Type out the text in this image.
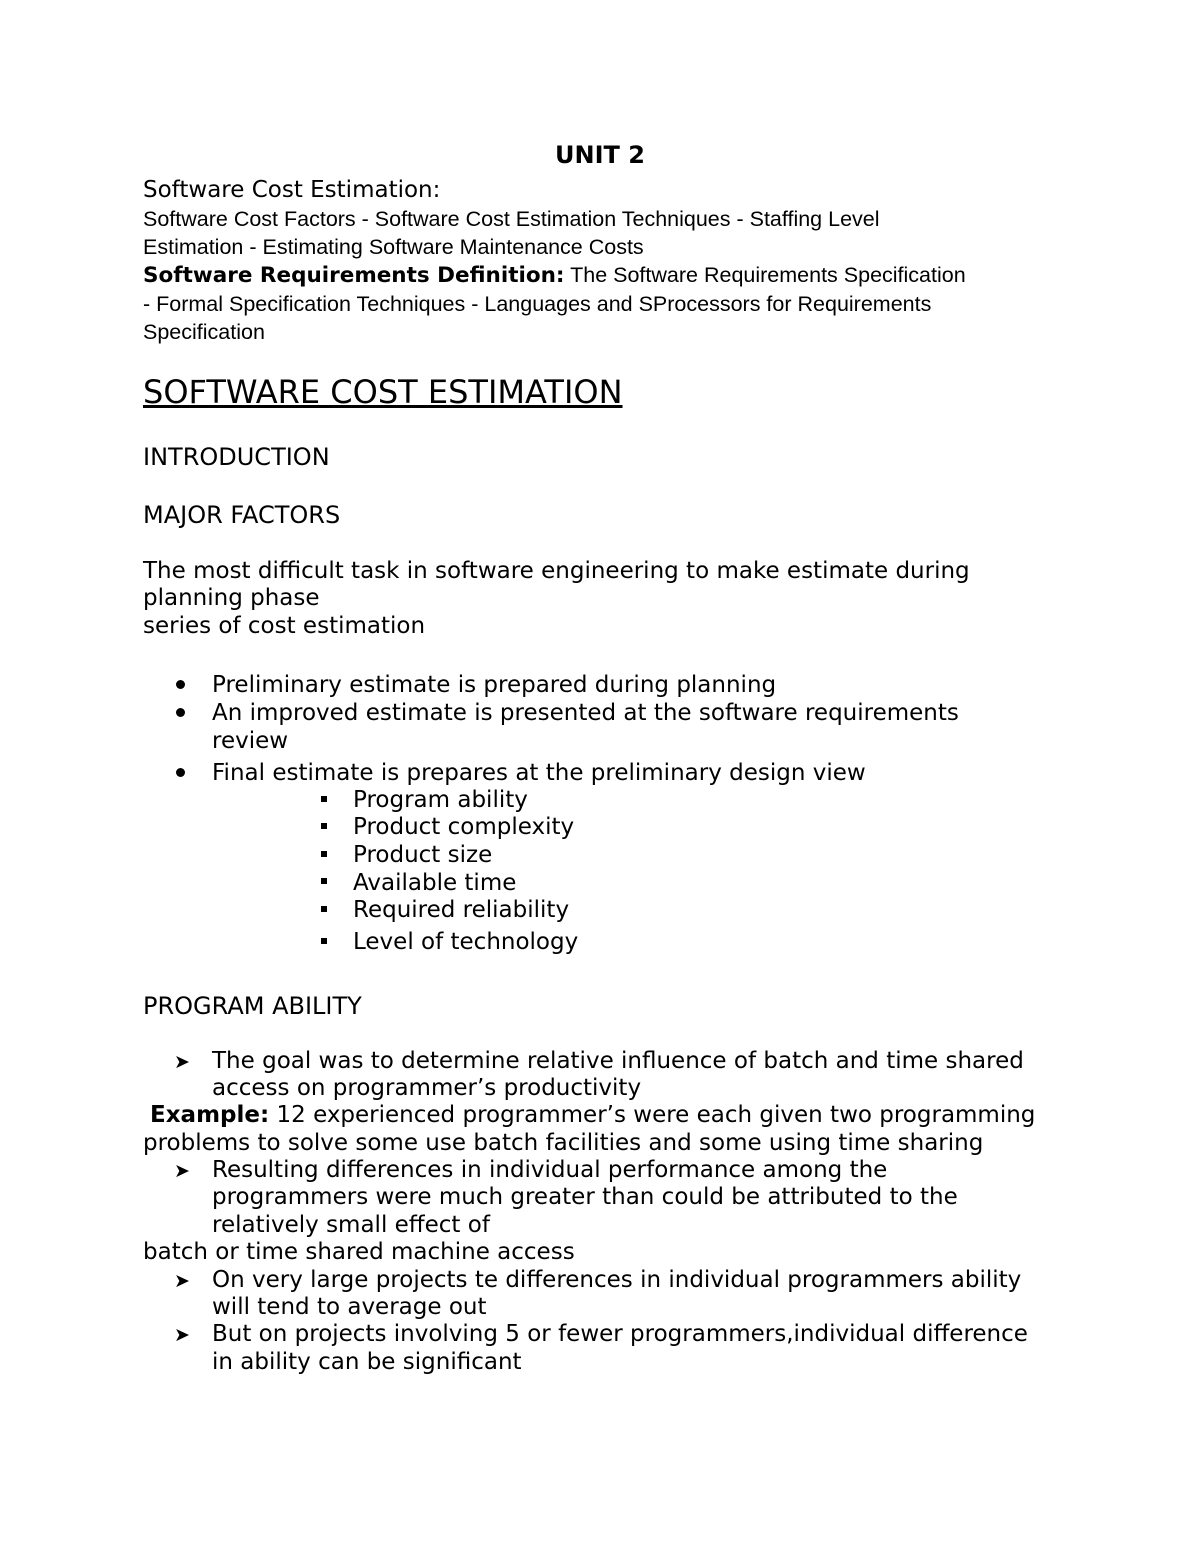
UNIT 2
Software Cost Estimation:
Software Cost Factors - Software Cost Estimation Techniques - Staffing Level
Estimation - Estimating Software Maintenance Costs
Software Requirements Definition: The Software Requirements Specification
- Formal Specification Techniques - Languages and SProcessors for Requirements
Specification
SOFTWARE COST ESTIMATION
INTRODUCTION
MAJOR FACTORS
The most difficult task in software engineering to make estimate during
planning phase
series of cost estimation
Preliminary estimate is prepared during planning
An improved estimate is presented at the software requirements
review
Final estimate is prepares at the preliminary design view
Program ability
Product complexity
Product size
Available time
Required reliability
Level of technology
PROGRAM ABILITY
➤ The goal was to determine relative influence of batch and time shared
access on programmer’s productivity
Example: 12 experienced programmer’s were each given two programming
problems to solve some use batch facilities and some using time sharing
➤ Resulting differences in individual performance among the
programmers were much greater than could be attributed to the
relatively small effect of
batch or time shared machine access
➤ On very large projects te differences in individual programmers ability
will tend to average out
➤ But on projects involving 5 or fewer programmers,individual difference
in ability can be significant
